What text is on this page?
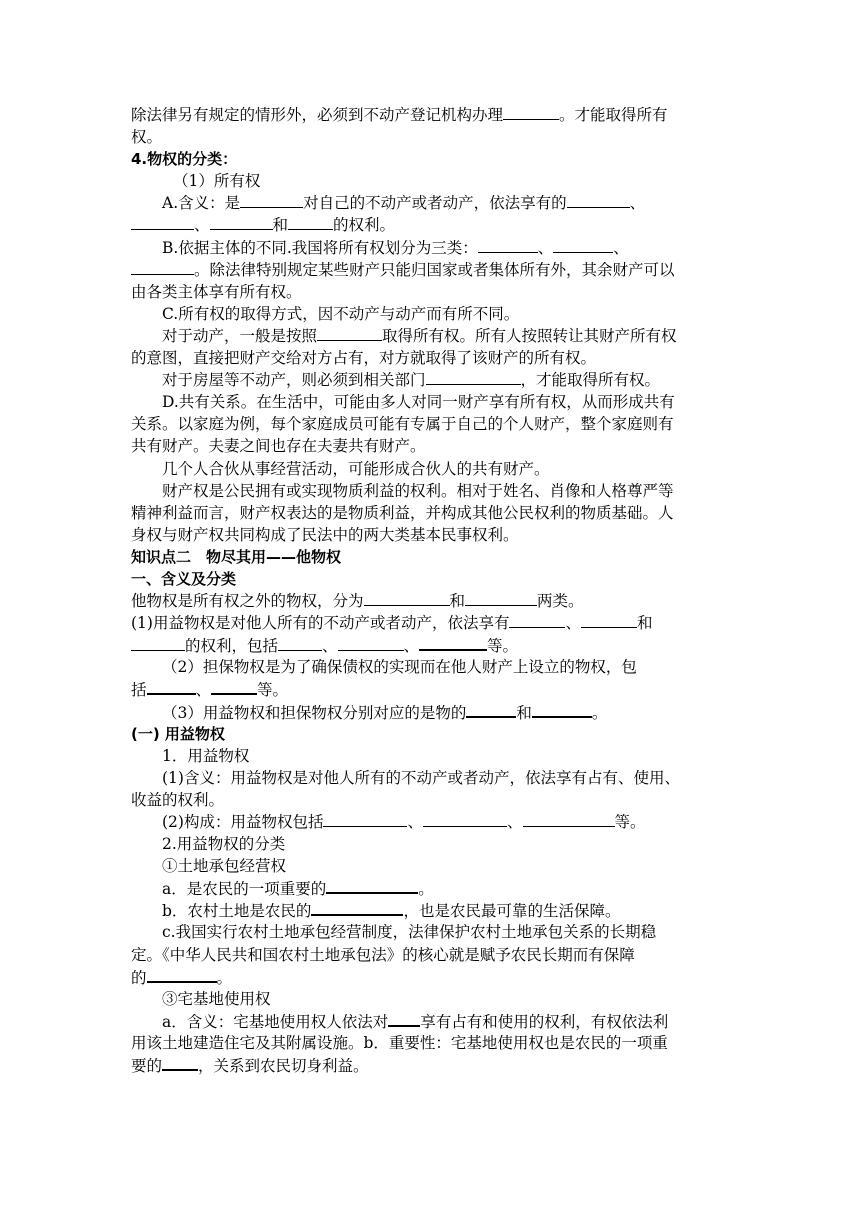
除法律另有规定的情形外，必须到不动产登记机构办理	。才能取得所有
权。
4.物权的分类：
（1）所有权
A.含义：是	对自己的不动产或者动产，依法享有的	、
、	和	的权利。
B.依据主体的不同.我国将所有权划分为三类：	、	、
。除法律特别规定某些财产只能归国家或者集体所有外，其余财产可以
由各类主体享有所有权。
C.所有权的取得方式，因不动产与动产而有所不同。
对于动产，一般是按照	取得所有权。所有人按照转让其财产所有权
的意图，直接把财产交给对方占有，对方就取得了该财产的所有权。
对于房屋等不动产，则必须到相关部门	，才能取得所有权。
D.共有关系。在生活中，可能由多人对同一财产享有所有权，从而形成共有
关系。以家庭为例，每个家庭成员可能有专属于自己的个人财产，整个家庭则有
共有财产。夫妻之间也存在夫妻共有财产。
几个人合伙从事经营活动，可能形成合伙人的共有财产。
财产权是公民拥有或实现物质利益的权利。相对于姓名、肖像和人格尊严等
精神利益而言，财产权表达的是物质利益，并构成其他公民权利的物质基础。人
身权与财产权共同构成了民法中的两大类基本民事权利。
知识点二　物尽其用——他物权
一、含义及分类
他物权是所有权之外的物权，分为	和	两类。
(1)用益物权是对他人所有的不动产或者动产，依法享有	、	和
的权利，包括	、	、	等。
（2）担保物权是为了确保债权的实现而在他人财产上设立的物权，包
括	、	等。
（3）用益物权和担保物权分别对应的是物的	和	。
(一) 用益物权
1．用益物权
(1)含义：用益物权是对他人所有的不动产或者动产，依法享有占有、使用、
收益的权利。
(2)构成：用益物权包括	、	、	等。
2.用益物权的分类
①土地承包经营权
a．是农民的一项重要的	。
b．农村土地是农民的	，也是农民最可靠的生活保障。
c.我国实行农村土地承包经营制度，法律保护农村土地承包关系的长期稳
定。《中华人民共和国农村土地承包法》的核心就是赋予农民长期而有保障
的	。
③宅基地使用权
a．含义：宅基地使用权人依法对 享有占有和使用的权利，有权依法利
用该土地建造住宅及其附属设施。b．重要性：宅基地使用权也是农民的一项重
要的 ，关系到农民切身利益。
